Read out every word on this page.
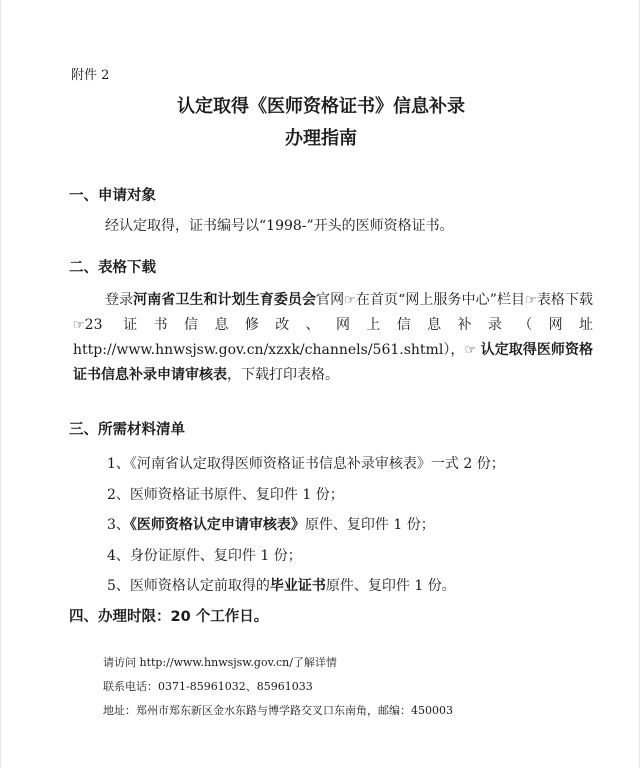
附件 2
认定取得《医师资格证书》信息补录
办理指南
一、申请对象
经认定取得，证书编号以“1998-”开头的医师资格证书。
二、表格下载
登录河南省卫生和计划生育委员会官网☞在首页“网上服务中心”栏目☞表格下载☞23 证书信息修改、网上信息补录（网址 http://www.hnwsjsw.gov.cn/xzxk/channels/561.shtml），☞ 认定取得医师资格证书信息补录申请审核表，下载打印表格。
三、所需材料清单
1、《河南省认定取得医师资格证书信息补录审核表》一式 2 份；
2、医师资格证书原件、复印件 1 份；
3、《医师资格认定申请审核表》原件、复印件 1 份；
4、身份证原件、复印件 1 份；
5、医师资格认定前取得的毕业证书原件、复印件 1 份。
四、办理时限：20 个工作日。
请访问 http://www.hnwsjsw.gov.cn/了解详情
联系电话：0371-85961032、85961033
地址：郑州市郑东新区金水东路与博学路交叉口东南角，邮编：450003
